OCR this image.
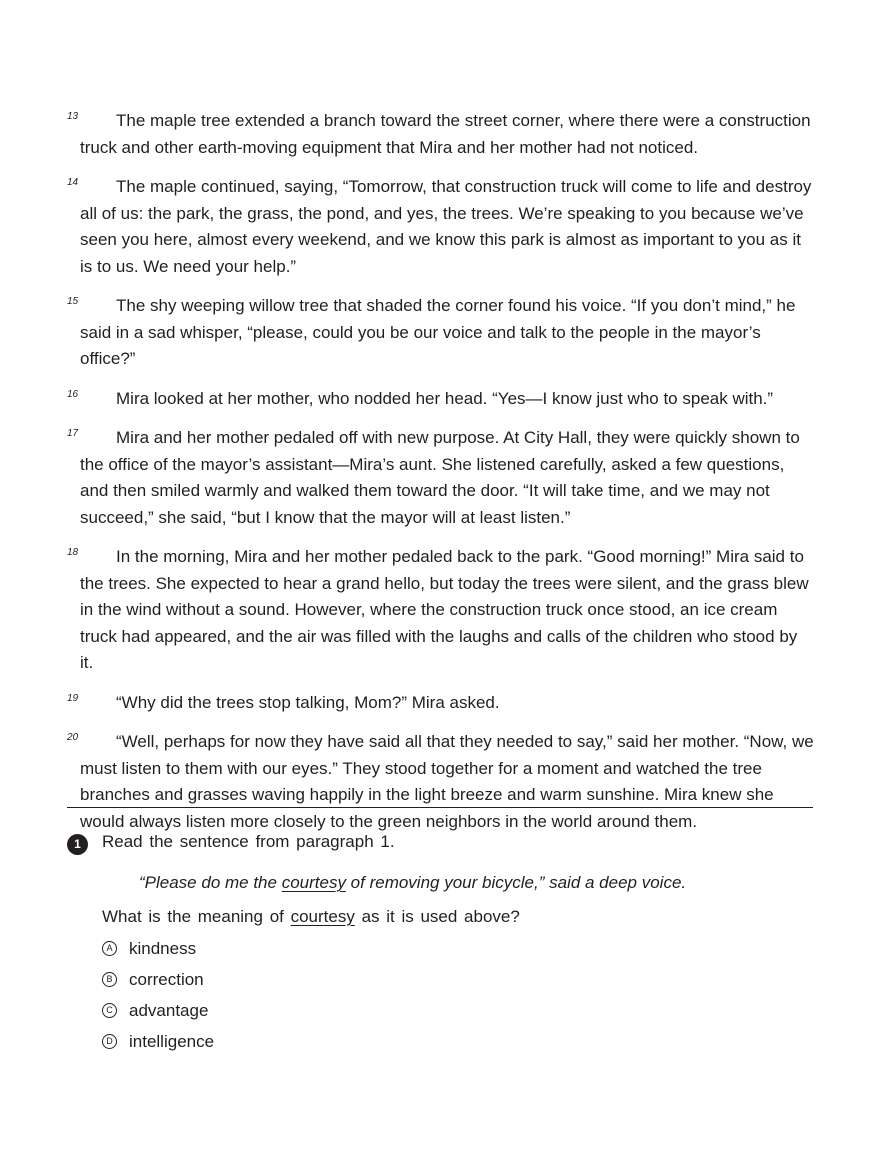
13	The maple tree extended a branch toward the street corner, where there were a construction truck and other earth-moving equipment that Mira and her mother had not noticed.

14	The maple continued, saying, “Tomorrow, that construction truck will come to life and destroy all of us: the park, the grass, the pond, and yes, the trees. We’re speaking to you because we’ve seen you here, almost every weekend, and we know this park is almost as important to you as it is to us. We need your help.”

15	The shy weeping willow tree that shaded the corner found his voice. “If you don’t mind,” he said in a sad whisper, “please, could you be our voice and talk to the people in the mayor’s office?”

16	Mira looked at her mother, who nodded her head. “Yes—I know just who to speak with.”

17	Mira and her mother pedaled off with new purpose. At City Hall, they were quickly shown to the office of the mayor’s assistant—Mira’s aunt. She listened carefully, asked a few questions, and then smiled warmly and walked them toward the door. “It will take time, and we may not succeed,” she said, “but I know that the mayor will at least listen.”

18	In the morning, Mira and her mother pedaled back to the park. “Good morning!” Mira said to the trees. She expected to hear a grand hello, but today the trees were silent, and the grass blew in the wind without a sound. However, where the construction truck once stood, an ice cream truck had appeared, and the air was filled with the laughs and calls of the children who stood by it.

19	“Why did the trees stop talking, Mom?” Mira asked.

20	“Well, perhaps for now they have said all that they needed to say,” said her mother. “Now, we must listen to them with our eyes.” They stood together for a moment and watched the tree branches and grasses waving happily in the light breeze and warm sunshine. Mira knew she would always listen more closely to the green neighbors in the world around them.

1	Read the sentence from paragraph 1.
“Please do me the courtesy of removing your bicycle,” said a deep voice.
What is the meaning of courtesy as it is used above?
A kindness
B correction
C advantage
D intelligence
